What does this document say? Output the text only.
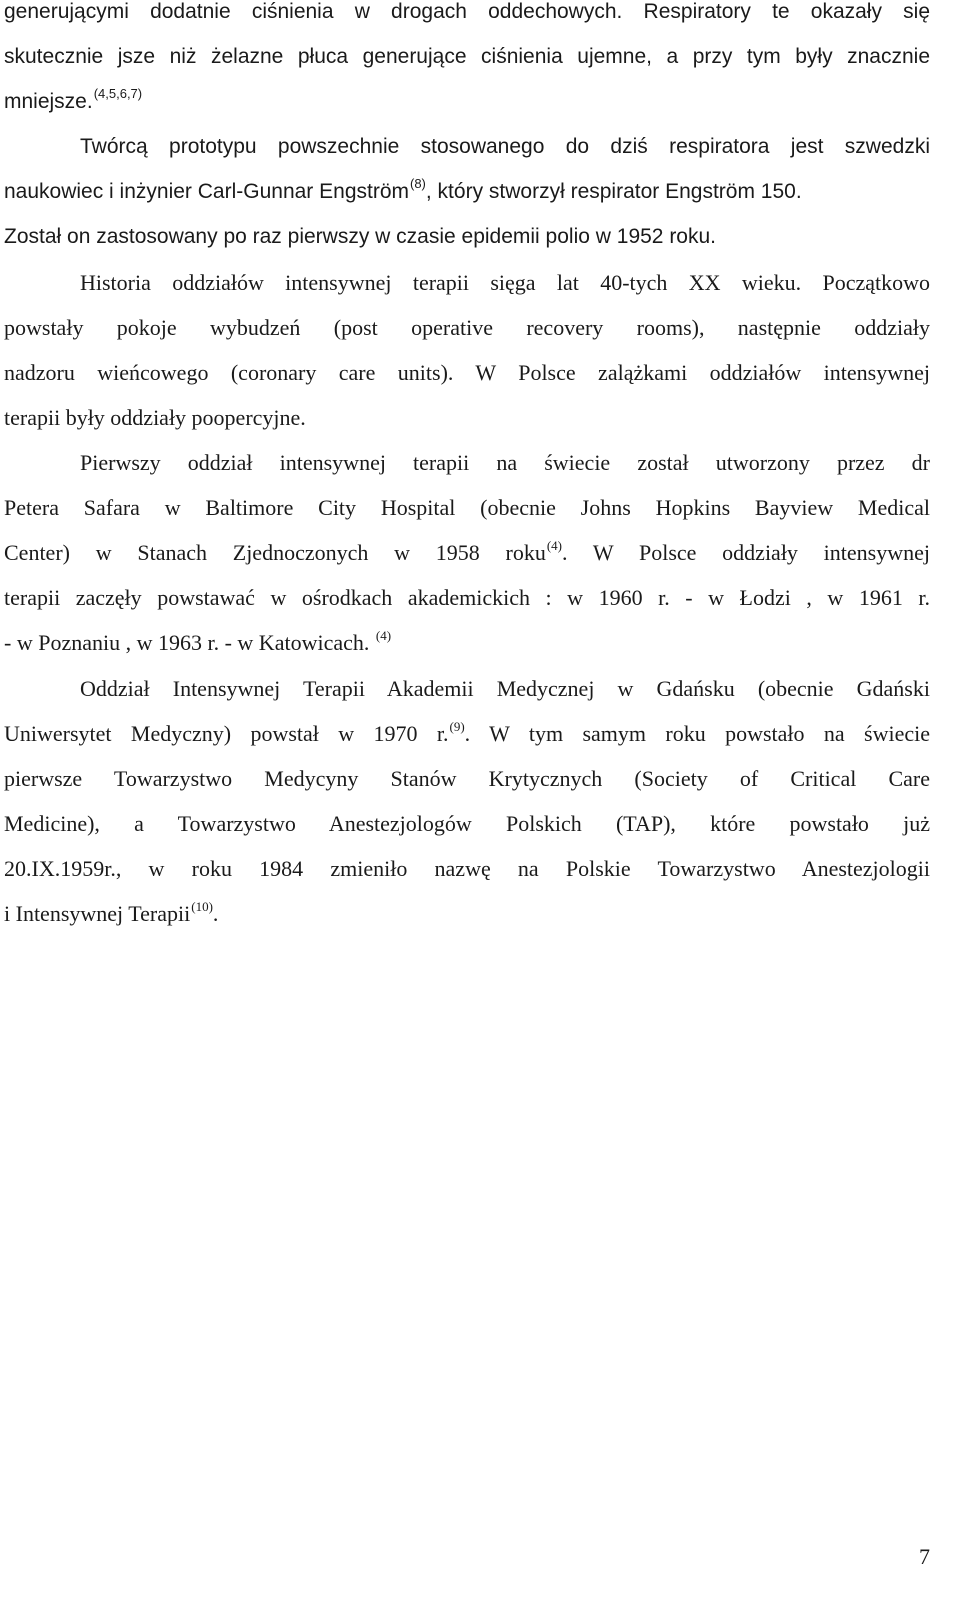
generującymi dodatnie ciśnienia w drogach oddechowych. Respiratory te okazały się
skutecznie jsze niż żelazne płuca generujące ciśnienia ujemne, a przy tym były znacznie
mniejsze.$^{(4,5,6,7)}$
Twórcą prototypu powszechnie stosowanego do dziś respiratora jest szwedzki
naukowiec i inżynier Carl-Gunnar Engström$^{(8)}$, który stworzył respirator Engström 150.
Został on zastosowany po raz pierwszy w czasie epidemii polio w 1952 roku.
Historia oddziałów intensywnej terapii sięga lat 40-tych XX wieku. Początkowo
powstały pokoje wybudzeń (post operative recovery rooms), następnie oddziały
nadzoru wieńcowego (coronary care units). W Polsce zalążkami oddziałów intensywnej
terapii były oddziały poopercyjne.
Pierwszy oddział intensywnej terapii na świecie został utworzony przez dr
Petera Safara w Baltimore City Hospital (obecnie Johns Hopkins Bayview Medical
Center) w Stanach Zjednoczonych w 1958 roku$^{(4)}$. W Polsce oddziały intensywnej
terapii zaczęły powstawać w ośrodkach akademickich : w 1960 r. - w Łodzi , w 1961 r.
- w Poznaniu , w 1963 r. - w Katowicach. $^{(4)}$
Oddział Intensywnej Terapii Akademii Medycznej w Gdańsku (obecnie Gdański
Uniwersytet Medyczny) powstał w 1970 r.$^{(9)}$. W tym samym roku powstało na świecie
pierwsze Towarzystwo Medycyny Stanów Krytycznych (Society of Critical Care
Medicine), a Towarzystwo Anestezjologów Polskich (TAP), które powstało już
20.IX.1959r., w roku 1984 zmieniło nazwę na Polskie Towarzystwo Anestezjologii
i Intensywnej Terapii$^{(10)}$.
7
